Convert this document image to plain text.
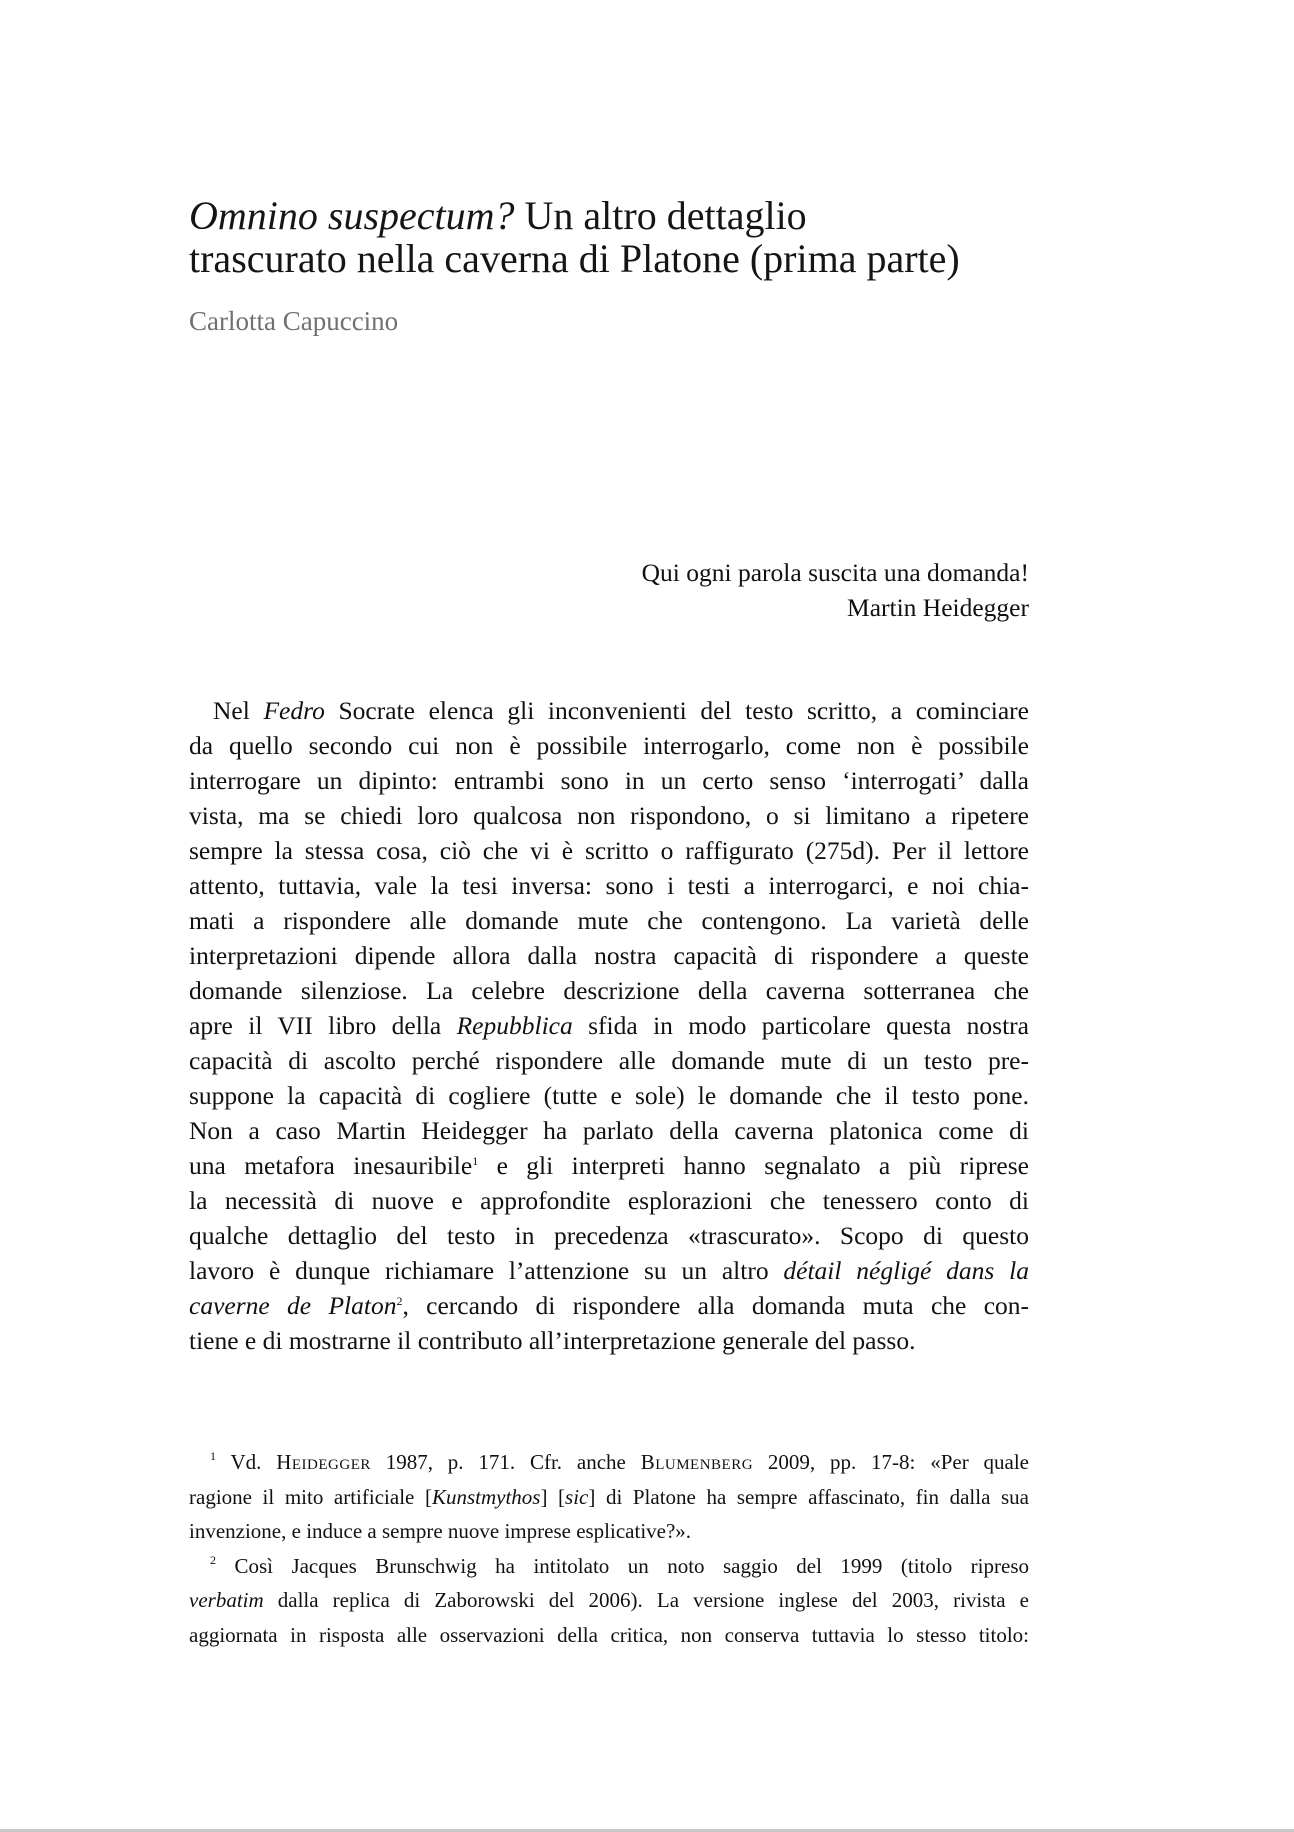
Omnino suspectum? Un altro dettaglio
trascurato nella caverna di Platone (prima parte)
Carlotta Capuccino
Qui ogni parola suscita una domanda!
Martin Heidegger
Nel Fedro Socrate elenca gli inconvenienti del testo scritto, a cominciare
da quello secondo cui non è possibile interrogarlo, come non è possibile
interrogare un dipinto: entrambi sono in un certo senso ‘interrogati’ dalla
vista, ma se chiedi loro qualcosa non rispondono, o si limitano a ripetere
sempre la stessa cosa, ciò che vi è scritto o raffigurato (275d). Per il lettore
attento, tuttavia, vale la tesi inversa: sono i testi a interrogarci, e noi chia-
mati a rispondere alle domande mute che contengono. La varietà delle
interpretazioni dipende allora dalla nostra capacità di rispondere a queste
domande silenziose. La celebre descrizione della caverna sotterranea che
apre il VII libro della Repubblica sfida in modo particolare questa nostra
capacità di ascolto perché rispondere alle domande mute di un testo pre-
suppone la capacità di cogliere (tutte e sole) le domande che il testo pone.
Non a caso Martin Heidegger ha parlato della caverna platonica come di
una metafora inesauribile$^1$ e gli interpreti hanno segnalato a più riprese
la necessità di nuove e approfondite esplorazioni che tenessero conto di
qualche dettaglio del testo in precedenza «trascurato». Scopo di questo
lavoro è dunque richiamare l’attenzione su un altro détail négligé dans la
caverne de Platon$^2$, cercando di rispondere alla domanda muta che con-
tiene e di mostrarne il contributo all’interpretazione generale del passo.
$^1$ Vd. Heidegger 1987, p. 171. Cfr. anche Blumenberg 2009, pp. 17-8: «Per quale
ragione il mito artificiale [Kunstmythos] [sic] di Platone ha sempre affascinato, fin dalla sua
invenzione, e induce a sempre nuove imprese esplicative?».
$^2$ Così Jacques Brunschwig ha intitolato un noto saggio del 1999 (titolo ripreso
verbatim dalla replica di Zaborowski del 2006). La versione inglese del 2003, rivista e
aggiornata in risposta alle osservazioni della critica, non conserva tuttavia lo stesso titolo:
